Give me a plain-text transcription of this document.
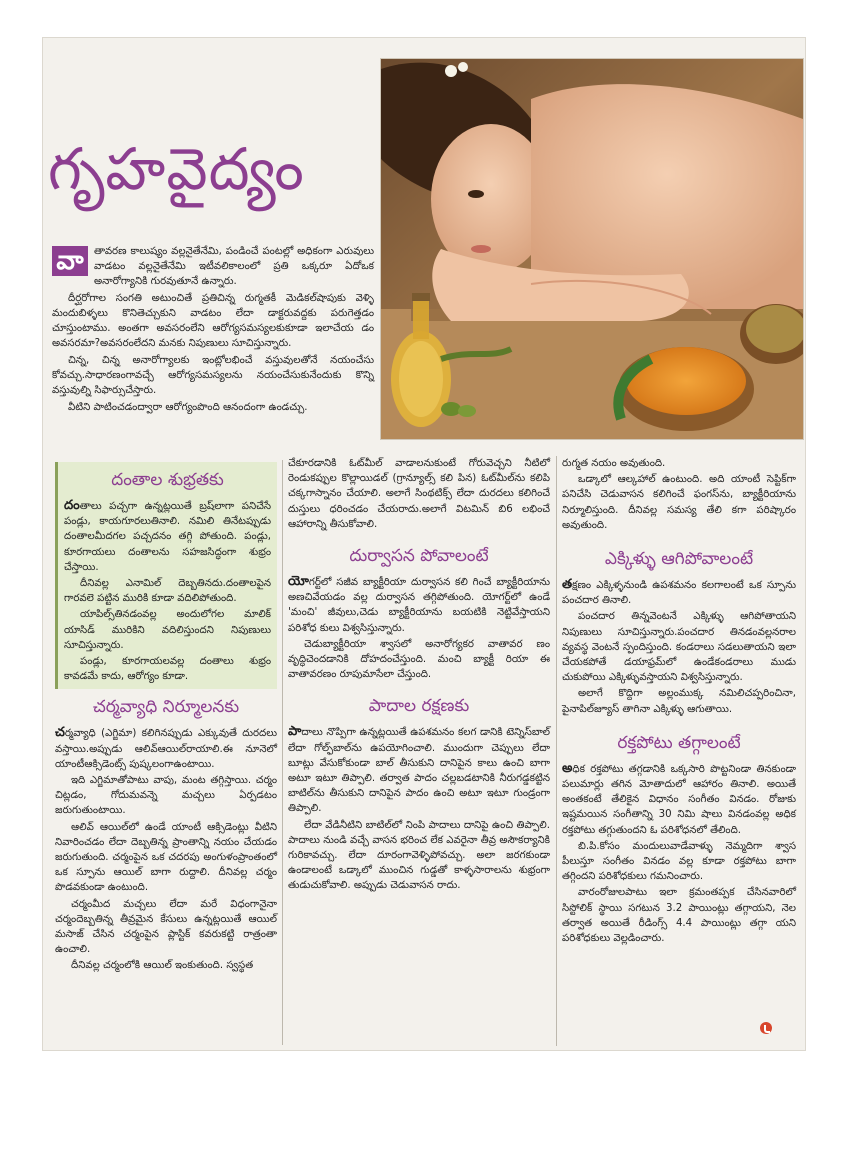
గృహవైద్యం

వా	తావరణ కాలుష్యం వల్లనైతేనేమి, పండించే పంటల్లో అధికంగా ఎరువులు వాడటం వల్లనైతేనేమి ఇటీవలికాలంలో ప్రతి ఒక్కరూ ఏదోఒక అనారోగ్యానికి గురవుతూనే ఉన్నారు.

దీర్ఘరోగాల సంగతి అటుంచితే ప్రతిచిన్న రుగ్మతకీ మెడికల్‌షాపుకు వెళ్ళి మందుబిళ్ళలు కొనితెచ్చుకుని వాడటం లేదా డాక్టరువద్దకు పరుగెత్తడం చూస్తుంటాము. అంతగా అవసరంలేని ఆరోగ్యసమస్యలకుకూడా ఇలాచేయ డం అవసరమా?అవసరంలేదని మనకు నిపుణులు సూచిస్తున్నారు.

చిన్న, చిన్న అనారోగ్యాలకు ఇంట్లోలభించే వస్తువులతోనే నయంచేసు కోవచ్చు.సాధారణంగావచ్చే ఆరోగ్యసమస్యలను నయంచేసుకునేందుకు కొన్ని వస్తువుల్ని సిఫార్సుచేస్తారు.

వీటిని పాటించడంద్వారా ఆరోగ్యంపొంది ఆనందంగా ఉండచ్చు.

దంతాల శుభ్రతకు

దంతాలు పచ్చగా ఉన్నట్లయితే బ్రష్‌లాగా పనిచేసే పండ్లు, కాయగూరలుతినాలి. నమిలి తినేటప్పుడు దంతాలమీదగల పచ్చదనం తగ్గి పోతుంది. పండ్లు, కూరగాయలు దంతాలను సహజసిద్ధంగా శుభ్రం చేస్తాయి.

దీనివల్ల ఎనామిల్ దెబ్బతినదు.దంతాలపైన గారవలె పట్టిన మురికి కూడా వదిలిపోతుంది.

యాపిల్స్‌తినడంవల్ల అందులోగల మాలిక్ యాసిడ్ మురికిని వదిలిస్తుందని నిపుణులు సూచిస్తున్నారు.

పండ్లు, కూరగాయలవల్ల దంతాలు శుభ్రం కావడమే కాదు, ఆరోగ్యం కూడా.

చర్మవ్యాధి నిర్మూలనకు

చర్మవ్యాధి (ఎగ్జిమా) కలిగినప్పుడు ఎక్కువుతే దురదలు వస్తాయి.అప్పుడు ఆలివ్‌ఆయిల్‌రాయాలి.ఈ నూనెలో యాంటీఆక్సిడెంట్స్ పుష్కలంగాఉంటాయి.

ఇది ఎగ్జిమాతోపాటు వాపు, మంట తగ్గిస్తాయి. చర్మం చిట్లడం, గోదుమవన్నె మచ్చలు ఏర్పడటం జరుగుతుంటాయి.

ఆలివ్ ఆయిల్‌లో ఉండే యాంటీ ఆక్సిడెంట్లు వీటిని నివారించడం లేదా దెబ్బతిన్న ప్రాంతాన్ని నయం చేయడం జరుగుతుంది. చర్మంపైన ఒక చదరపు అంగుళంప్రాంతంలో ఒక స్పూను ఆయిల్ బాగా రుద్దాలి. దీనివల్ల చర్మం పొడవకుండా ఉంటుంది.

చర్మంమీద మచ్చలు లేదా మరే విధంగానైనా చర్మందెబ్బతిన్న తీవ్రమైన కేసులు ఉన్నట్లయితే ఆయిల్ మసాజ్ చేసిన చర్మంపైన ప్లాస్టిక్ కవరుకట్టి రాత్రంతా ఉంచాలి.

దీనివల్ల చర్మంలోకి ఆయిల్ ఇంకుతుంది. స్వస్థత

చేకూరడానికి ఓట్‌మీల్ వాడాలనుకుంటే గోరువెచ్చని నీటిలో రెండుకప్పుల కొల్లాయిడల్ (గ్రాన్యూల్స్ కలి పిన) ఓట్‌మీల్‌ను కలిపి చక్కగాస్నానం చేయాలి. అలాగే సింథటిక్స్ లేదా దురదలు కలిగించే దుస్తులు ధరించడం చేయరాదు.అలాగే విటమిన్ బి6 లభించే ఆహారాన్ని తీసుకోవాలి.

దుర్వాసన పోవాలంటే

యోగర్ట్‌లో సజీవ బ్యాక్టీరియా దుర్వాసన కలి గించే బ్యాక్టీరియాను అణచివేయడం వల్ల దుర్వాసన తగ్గిపోతుంది. యోగర్ట్‌లో ఉండే 'మంచి' జీవులు,చెడు బ్యాక్టీరియాను బయటికి నెట్టివేస్తాయని పరిశోధ కులు విశ్వసిస్తున్నారు.

చెడుబ్యాక్టీరియా శ్వాసలో అనారోగ్యకర వాతావర ణం వృద్ధిచెందడానికి దోహదంచేస్తుంది. మంచి బ్యాక్టీ రియా ఈ వాతావరణం రూపుమాసేలా చేస్తుంది.

పాదాల రక్షణకు

పాదాలు నొప్పిగా ఉన్నట్లయితే ఉపశమనం కలగ డానికి టెన్నిస్‌బాల్ లేదా గోల్ఫ్‌బాల్‌ను ఉపయోగించాలి. ముందుగా చెప్పులు లేదా బూట్లు వేసుకోకుండా బాల్ తీసుకుని దానిపైన కాలు ఉంచి బాగా అటూ ఇటూ తిప్పాలి. తర్వాత పాదం చల్లబడటానికి నీరుగడ్డకట్టిన బాటిల్‌ను తీసుకుని దానిపైన పాదం ఉంచి అటూ ఇటూ గుండ్రంగా తిప్పాలి.

లేదా వేడినీటిని బాటిల్‌లో నింపి పాదాలు దానిపై ఉంచి తిప్పాలి. పాదాలు నుండి వచ్చే వాసన భరించ లేక ఎవరైనా తీవ్ర అసౌకర్యానికి గురికావచ్చు. లేదా దూరంగావెళ్ళిపోవచ్చు. అలా జరగకుండా ఉండాలంటే ఒడ్కాలో ముంచిన గుడ్డతో కాళ్ళసారాలను శుభ్రంగా తుడుచుకోవాలి. అప్పుడు చెడువాసన రాదు.

రుగ్మత నయం అవుతుంది.

ఒడ్కాలో ఆల్కహాల్ ఉంటుంది. అది యాంటీ సెప్టిక్‌గా పనిచేసి చెడువాసన కలిగించే ఫంగస్‌ను, బ్యాక్టీరియాను నిర్మూలిస్తుంది. దీనివల్ల సమస్య తేలి కగా పరిష్కారం అవుతుంది.

ఎక్కిళ్ళు ఆగిపోవాలంటే

తక్షణం ఎక్కిళ్ళనుండి ఉపశమనం కలగాలంటే ఒక స్పూను పంచదార తినాలి.

పంచదార తిన్నవెంటనే ఎక్కిళ్ళు ఆగిపోతాయని నిపుణులు సూచిస్తున్నారు.పంచదార తినడంవల్లనరాల వ్యవస్థ వెంటనే స్పందిస్తుంది. కండరాలు సడలుతాయని ఇలా చేయకపోతే డయాఫ్రమ్‌లో ఉండేకండరాలు ముడు చుకుపోయి ఎక్కిళ్ళువస్తాయని విశ్వసిస్తున్నారు.

అలాగే కొద్దిగా అల్లంముక్క నమిలిచప్పరించినా, పైనాపిల్‌జ్యూస్ తాగినా ఎక్కిళ్ళు ఆగుతాయి.

రక్తపోటు తగ్గాలంటే

అధిక రక్తపోటు తగ్గడానికి ఒక్కసారి పొట్టనిండా తినకుండా పలుమార్లు తగిన మోతాదులో ఆహారం తినాలి. అయితే అంతకంటే తేలికైన విధానం సంగీతం వినడం. రోజుకు ఇష్టమయిన సంగీతాన్ని 30 నిమి షాలు వినడంవల్ల అధిక రక్తపోటు తగ్గుతుందని ఓ పరిశోధనలో తేలింది.

బి.పి.కోసం మందులువాడేవాళ్ళు నెమ్మదిగా శ్వాస పీలుస్తూ సంగీతం వినడం వల్ల కూడా రక్తపోటు బాగా తగ్గిందని పరిశోధకులు గమనించారు.

వారంరోజులపాటు ఇలా క్రమంతప్పక చేసినవారిలో సిస్టోలిక్ స్థాయి సగటున 3.2 పాయింట్లు తగ్గాయని, నెల తర్వాత అయితే రీడింగ్స్ 4.4 పాయింట్లు తగ్గా యని పరిశోధకులు వెల్లడించారు.
